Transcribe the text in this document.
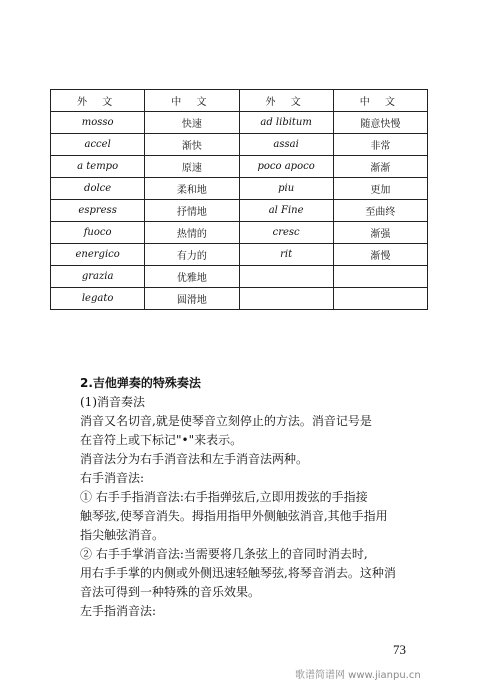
外 文	中 文	外 文	中 文
mosso	快速	ad libitum	随意快慢
accel	渐快	assai	非常
a tempo	原速	poco apoco	渐渐
dolce	柔和地	piu	更加
espress	抒情地	al Fine	至曲终
fuoco	热情的	cresc	渐强
energico	有力的	rit	渐慢
grazia	优雅地		
legato	圆滑地		
2.吉他弹奏的特殊奏法
(1)消音奏法
消音又名切音,就是使琴音立刻停止的方法。消音记号是
在音符上或下标记"•"来表示。
消音法分为右手消音法和左手消音法两种。
右手消音法:
① 右手手指消音法:右手指弹弦后,立即用拨弦的手指接
触琴弦,使琴音消失。拇指用指甲外侧触弦消音,其他手指用
指尖触弦消音。
② 右手手掌消音法:当需要将几条弦上的音同时消去时,
用右手手掌的内侧或外侧迅速轻触琴弦,将琴音消去。这种消
音法可得到一种特殊的音乐效果。
左手指消音法:
73
歌谱简谱网 www.jianpu.cn
